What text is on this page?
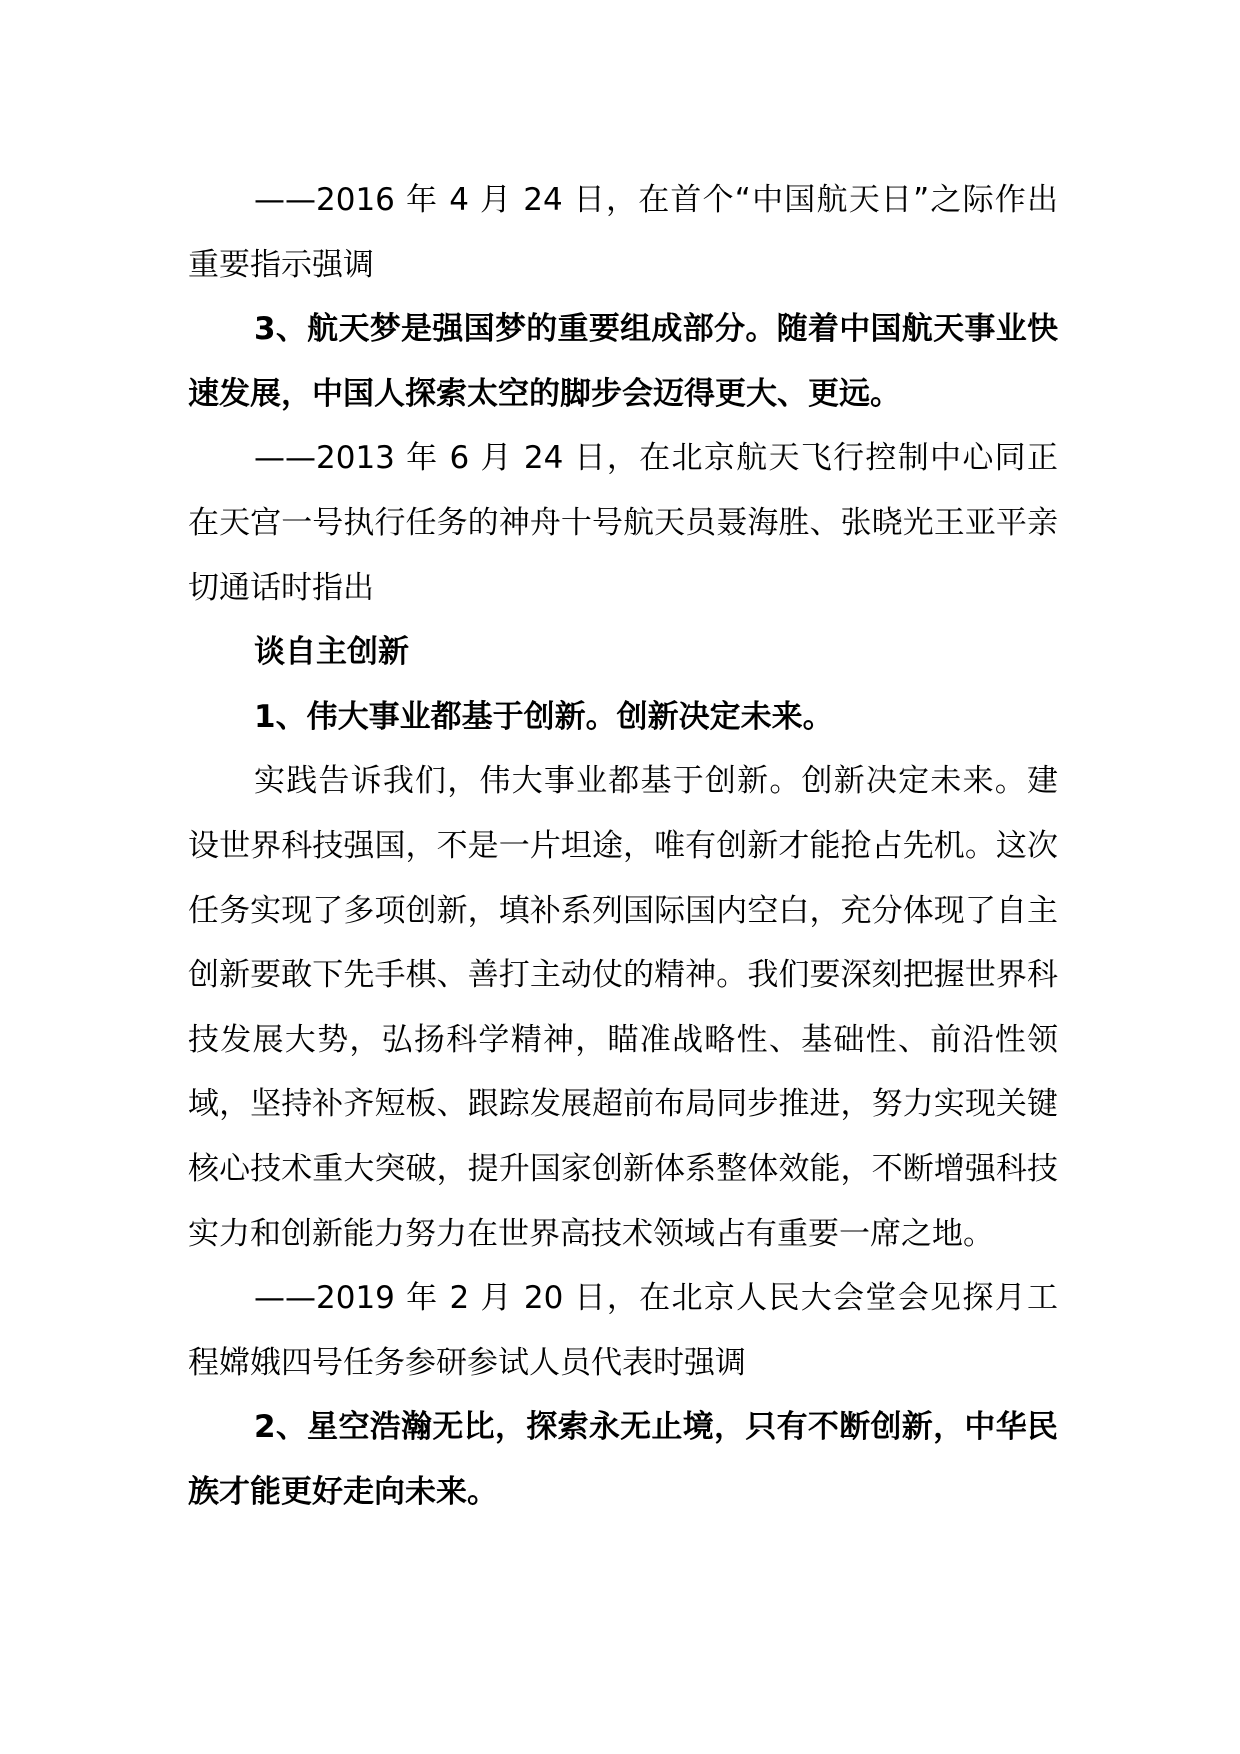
——2016 年 4 月 24 日，在首个“中国航天日”之际作出重要指示强调

3、航天梦是强国梦的重要组成部分。随着中国航天事业快速发展，中国人探索太空的脚步会迈得更大、更远。

——2013 年 6 月 24 日，在北京航天飞行控制中心同正在天宫一号执行任务的神舟十号航天员聂海胜、张晓光王亚平亲切通话时指出

谈自主创新

1、伟大事业都基于创新。创新决定未来。

实践告诉我们，伟大事业都基于创新。创新决定未来。建设世界科技强国，不是一片坦途，唯有创新才能抢占先机。这次任务实现了多项创新，填补系列国际国内空白，充分体现了自主创新要敢下先手棋、善打主动仗的精神。我们要深刻把握世界科技发展大势，弘扬科学精神，瞄准战略性、基础性、前沿性领域，坚持补齐短板、跟踪发展超前布局同步推进，努力实现关键核心技术重大突破，提升国家创新体系整体效能，不断增强科技实力和创新能力努力在世界高技术领域占有重要一席之地。

——2019 年 2 月 20 日，在北京人民大会堂会见探月工程嫦娥四号任务参研参试人员代表时强调

2、星空浩瀚无比，探索永无止境，只有不断创新，中华民族才能更好走向未来。
